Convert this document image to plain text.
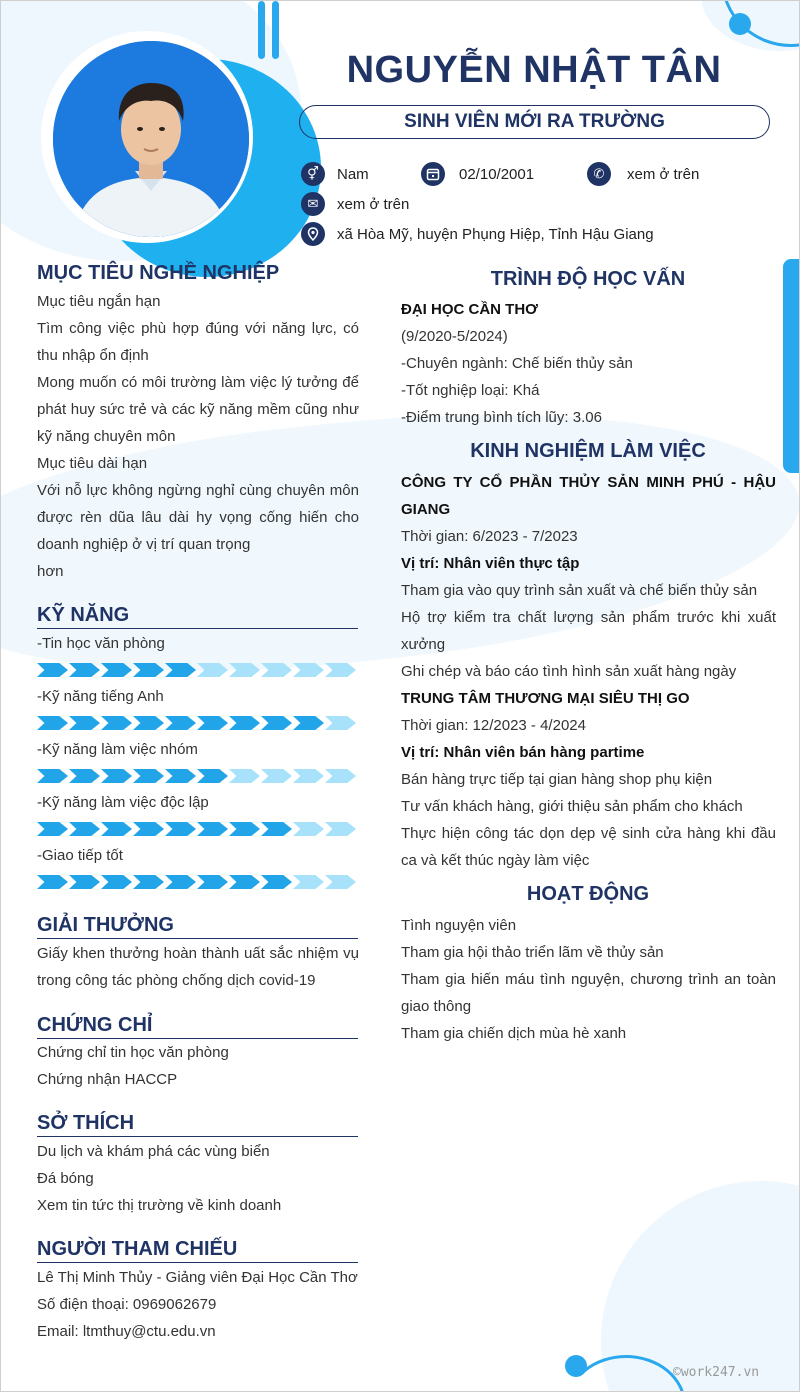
NGUYỄN NHẬT TÂN
SINH VIÊN MỚI RA TRƯỜNG
⚥	Nam	02/10/2001	✆	xem ở trên
✉	xem ở trên
xã Hòa Mỹ, huyện Phụng Hiệp, Tỉnh Hậu Giang
MỤC TIÊU NGHỀ NGHIỆP
Mục tiêu ngắn hạn
Tìm công việc phù hợp đúng với năng lực, có thu nhập ổn định
Mong muốn có môi trường làm việc lý tưởng để phát huy sức trẻ và các kỹ năng mềm cũng như kỹ năng chuyên môn
Mục tiêu dài hạn
Với nỗ lực không ngừng nghỉ cùng chuyên môn được rèn dũa lâu dài hy vọng cống hiến cho doanh nghiệp ở vị trí quan trọng
hơn
KỸ NĂNG
-Tin học văn phòng
-Kỹ năng tiếng Anh
-Kỹ năng làm việc nhóm
-Kỹ năng làm việc độc lập
-Giao tiếp tốt
GIẢI THƯỞNG
Giấy khen thưởng hoàn thành uất sắc nhiệm vụ trong công tác phòng chống dịch covid-19
CHỨNG CHỈ
Chứng chỉ tin học văn phòng
Chứng nhận HACCP
SỞ THÍCH
Du lịch và khám phá các vùng biển
Đá bóng
Xem tin tức thị trường về kinh doanh
NGƯỜI THAM CHIẾU
Lê Thị Minh Thủy - Giảng viên Đại Học Cần Thơ
Số điện thoại: 0969062679
Email: ltmthuy@ctu.edu.vn
TRÌNH ĐỘ HỌC VẤN
ĐẠI HỌC CẦN THƠ
(9/2020-5/2024)
-Chuyên ngành: Chế biến thủy sản
-Tốt nghiệp loại: Khá
-Điểm trung bình tích lũy: 3.06
KINH NGHIỆM LÀM VIỆC
CÔNG TY CỔ PHẦN THỦY SẢN MINH PHÚ - HẬU GIANG
Thời gian: 6/2023 - 7/2023
Vị trí: Nhân viên thực tập
Tham gia vào quy trình sản xuất và chế biến thủy sản
Hộ trợ kiểm tra chất lượng sản phẩm trước khi xuất xưởng
Ghi chép và báo cáo tình hình sản xuất hàng ngày
TRUNG TÂM THƯƠNG MẠI SIÊU THỊ GO
Thời gian: 12/2023 - 4/2024
Vị trí: Nhân viên bán hàng partime
Bán hàng trực tiếp tại gian hàng shop phụ kiện
Tư vấn khách hàng, giới thiệu sản phẩm cho khách
Thực hiện công tác dọn dẹp vệ sinh cửa hàng khi đầu ca và kết thúc ngày làm việc
HOẠT ĐỘNG
Tình nguyện viên
Tham gia hội thảo triển lãm về thủy sản
Tham gia hiến máu tình nguyện, chương trình an toàn giao thông
Tham gia chiến dịch mùa hè xanh
©work247.vn
